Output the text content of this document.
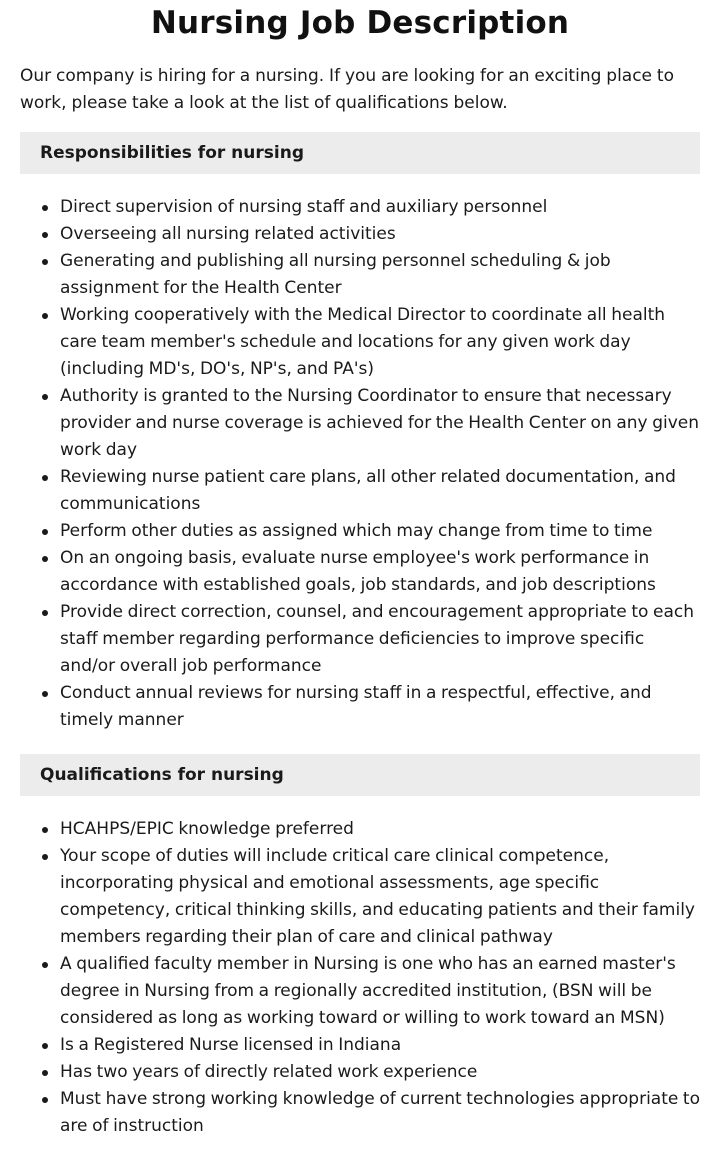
Nursing Job Description

Our company is hiring for a nursing. If you are looking for an exciting place to work, please take a look at the list of qualifications below.

Responsibilities for nursing
Direct supervision of nursing staff and auxiliary personnel
Overseeing all nursing related activities
Generating and publishing all nursing personnel scheduling & job assignment for the Health Center
Working cooperatively with the Medical Director to coordinate all health care team member's schedule and locations for any given work day (including MD's, DO's, NP's, and PA's)
Authority is granted to the Nursing Coordinator to ensure that necessary provider and nurse coverage is achieved for the Health Center on any given work day
Reviewing nurse patient care plans, all other related documentation, and communications
Perform other duties as assigned which may change from time to time
On an ongoing basis, evaluate nurse employee's work performance in accordance with established goals, job standards, and job descriptions
Provide direct correction, counsel, and encouragement appropriate to each staff member regarding performance deficiencies to improve specific and/or overall job performance
Conduct annual reviews for nursing staff in a respectful, effective, and timely manner
Qualifications for nursing
HCAHPS/EPIC knowledge preferred
Your scope of duties will include critical care clinical competence, incorporating physical and emotional assessments, age specific competency, critical thinking skills, and educating patients and their family members regarding their plan of care and clinical pathway
A qualified faculty member in Nursing is one who has an earned master's degree in Nursing from a regionally accredited institution, (BSN will be considered as long as working toward or willing to work toward an MSN)
Is a Registered Nurse licensed in Indiana
Has two years of directly related work experience
Must have strong working knowledge of current technologies appropriate to are of instruction
